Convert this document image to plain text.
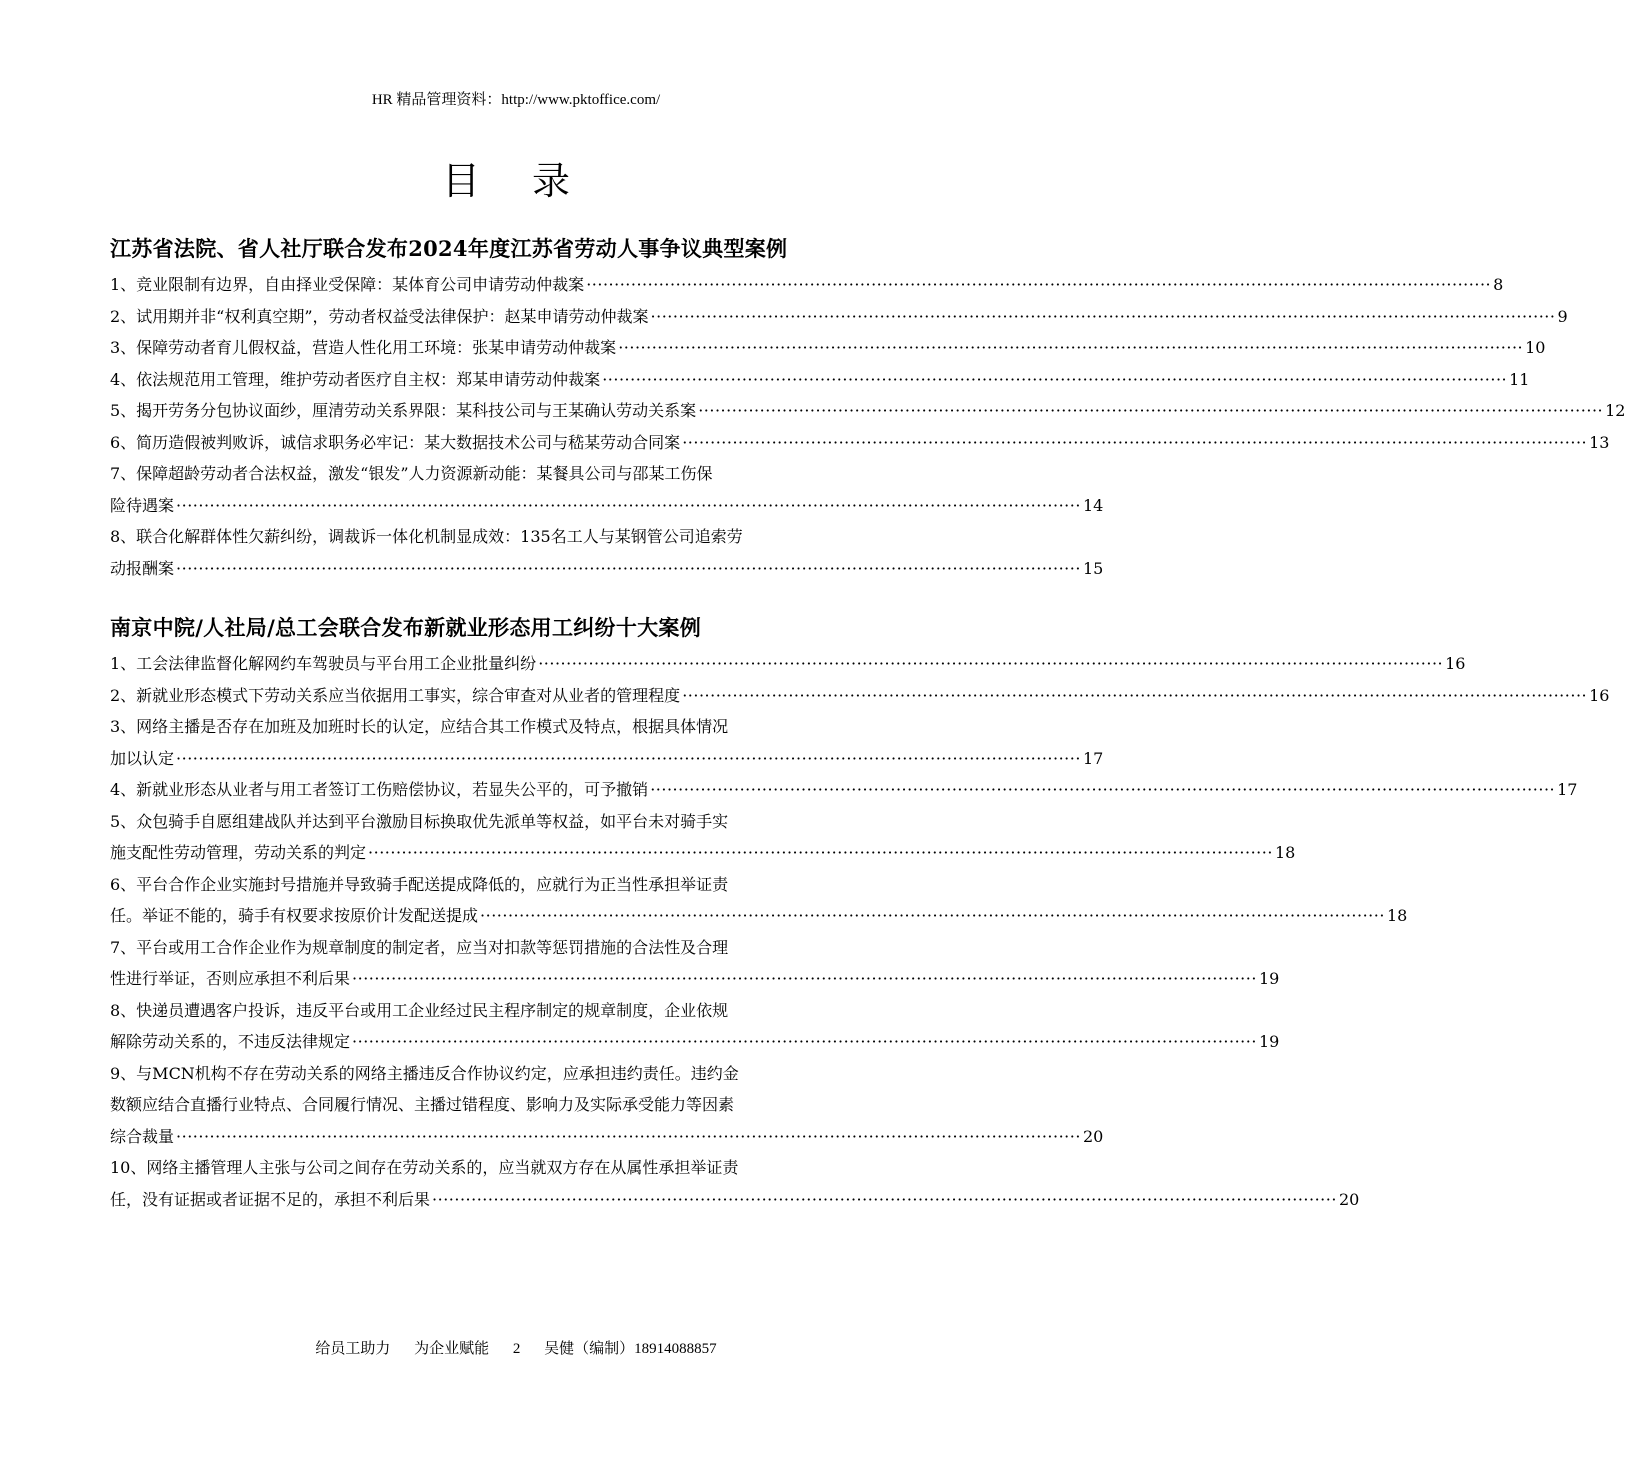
HR 精品管理资料：http://www.pktoffice.com/
目 录
江苏省法院、省人社厅联合发布2024年度江苏省劳动人事争议典型案例
1、竞业限制有边界，自由择业受保障：某体育公司申请劳动仲裁案 ·····	8
2、试用期并非“权利真空期”，劳动者权益受法律保护：赵某申请劳动仲裁案 ·····	9
3、保障劳动者育儿假权益，营造人性化用工环境：张某申请劳动仲裁案 ·····	10
4、依法规范用工管理，维护劳动者医疗自主权：郑某申请劳动仲裁案 ·····	11
5、揭开劳务分包协议面纱，厘清劳动关系界限：某科技公司与王某确认劳动关系案 ·····	12
6、简历造假被判败诉，诚信求职务必牢记：某大数据技术公司与嵇某劳动合同案 ·····	13
7、保障超龄劳动者合法权益，激发“银发”人力资源新动能：某餐具公司与邵某工伤保
险待遇案 ·····	14
8、联合化解群体性欠薪纠纷，调裁诉一体化机制显成效：135名工人与某钢管公司追索劳
动报酬案 ·····	15
南京中院/人社局/总工会联合发布新就业形态用工纠纷十大案例
1、工会法律监督化解网约车驾驶员与平台用工企业批量纠纷 ·····	16
2、新就业形态模式下劳动关系应当依据用工事实，综合审查对从业者的管理程度 ·····	16
3、网络主播是否存在加班及加班时长的认定，应结合其工作模式及特点，根据具体情况
加以认定 ·····	17
4、新就业形态从业者与用工者签订工伤赔偿协议，若显失公平的，可予撤销 ·····	17
5、众包骑手自愿组建战队并达到平台激励目标换取优先派单等权益，如平台未对骑手实
施支配性劳动管理，劳动关系的判定 ·····	18
6、平台合作企业实施封号措施并导致骑手配送提成降低的，应就行为正当性承担举证责
任。举证不能的，骑手有权要求按原价计发配送提成 ·····	18
7、平台或用工合作企业作为规章制度的制定者，应当对扣款等惩罚措施的合法性及合理
性进行举证，否则应承担不利后果 ·····	19
8、快递员遭遇客户投诉，违反平台或用工企业经过民主程序制定的规章制度，企业依规
解除劳动关系的，不违反法律规定 ·····	19
9、与MCN机构不存在劳动关系的网络主播违反合作协议约定，应承担违约责任。违约金
数额应结合直播行业特点、合同履行情况、主播过错程度、影响力及实际承受能力等因素
综合裁量 ·····	20
10、网络主播管理人主张与公司之间存在劳动关系的，应当就双方存在从属性承担举证责
任，没有证据或者证据不足的，承担不利后果 ·····	20
给员工助力 为企业赋能 2 吴健（编制）18914088857
